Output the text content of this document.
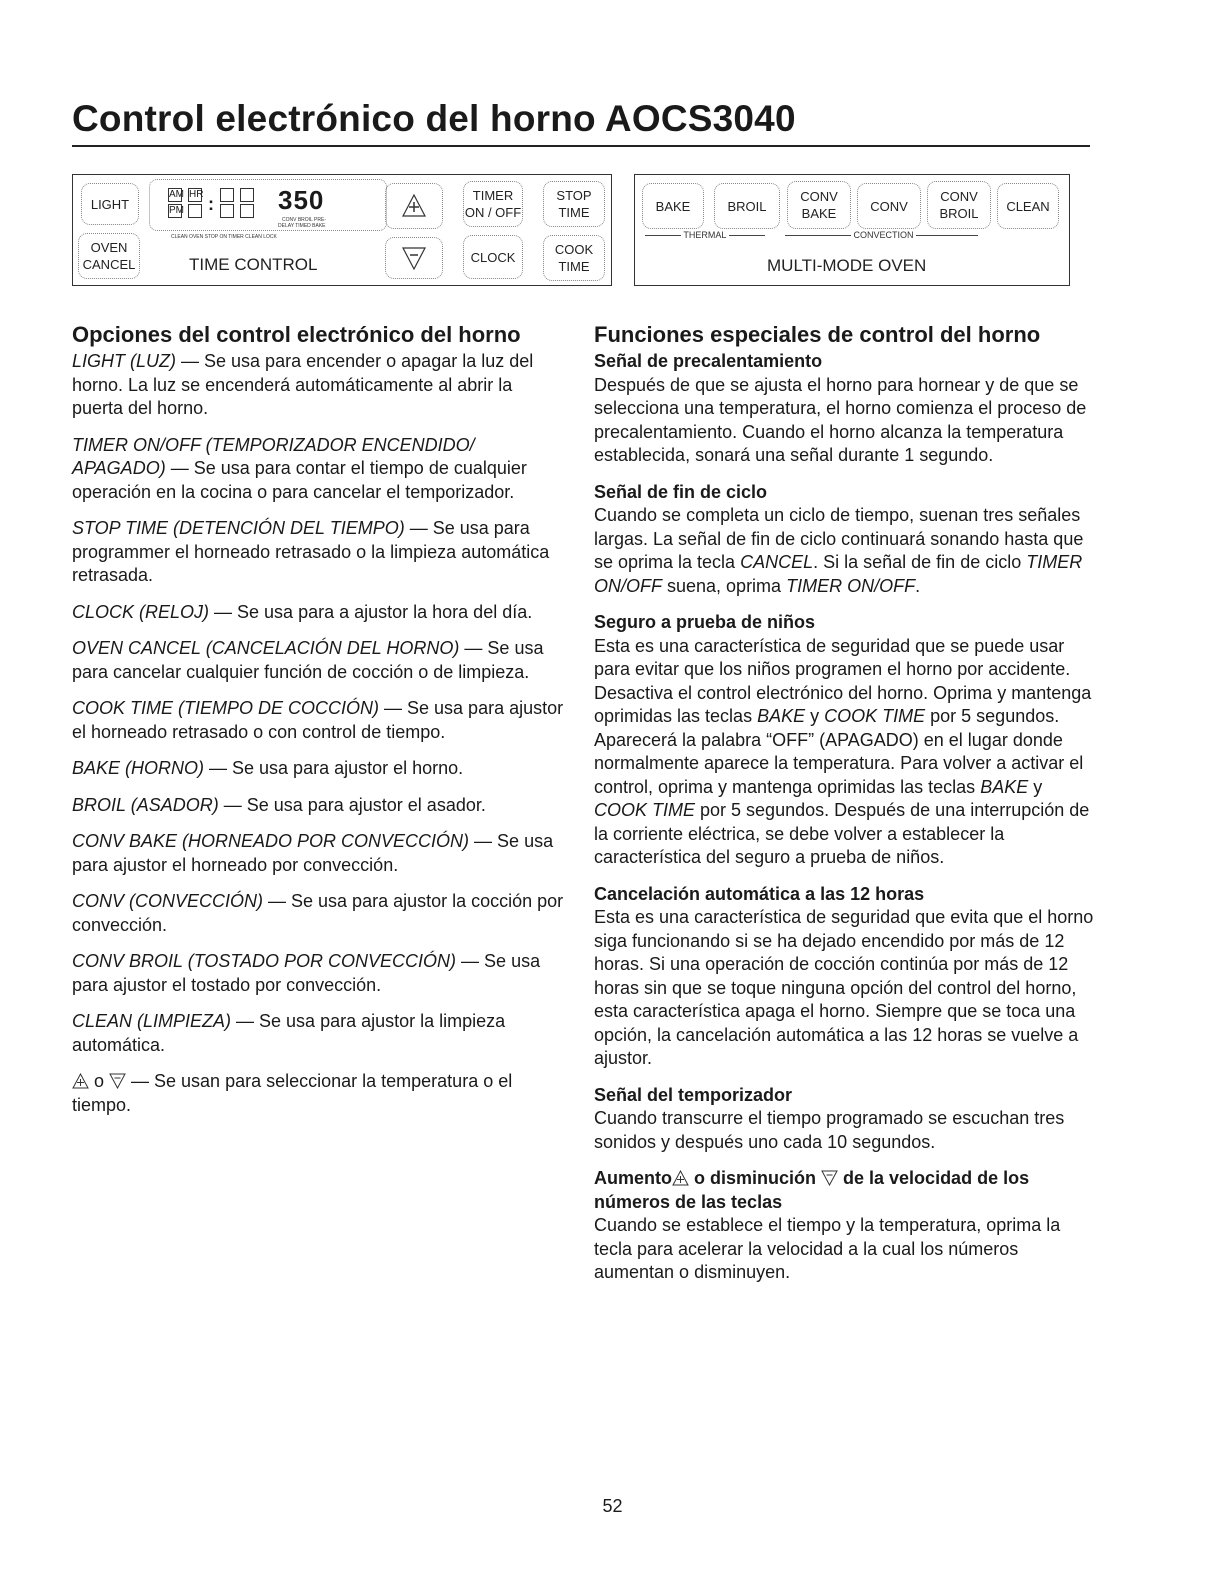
Control electrónico del horno AOCS3040
LIGHT
OVEN
CANCEL
AM
PM
HR : 350
CONV BROIL PRE-
DELAY TIMED BAKE
CLEAN OVEN STOP ON TIMER CLEAN LOCK
TIME CONTROL
TIMER
ON / OFF
CLOCK
STOP
TIME
COOK
TIME
BAKE	BROIL
CONV
BAKE	CONV
CONV
BROIL CLEAN
THERMAL	CONVECTION
MULTI-MODE OVEN
Opciones del control electrónico del horno

LIGHT (LUZ) — Se usa para encender o apagar la luz del horno. La luz se encenderá automáticamente al abrir la puerta del horno.

TIMER ON/OFF (TEMPORIZADOR ENCENDIDO/ APAGADO) — Se usa para contar el tiempo de cualquier operación en la cocina o para cancelar el temporizador.

STOP TIME (DETENCIÓN DEL TIEMPO) — Se usa para programmer el horneado retrasado o la limpieza automática retrasada.

CLOCK (RELOJ) — Se usa para a ajustor la hora del día.

OVEN CANCEL (CANCELACIÓN DEL HORNO) — Se usa para cancelar cualquier función de cocción o de limpieza.

COOK TIME (TIEMPO DE COCCIÓN) — Se usa para ajustor el horneado retrasado o con control de tiempo.

BAKE (HORNO) — Se usa para ajustor el horno.

BROIL (ASADOR) — Se usa para ajustor el asador.

CONV BAKE (HORNEADO POR CONVECCIÓN) — Se usa para ajustor el horneado por convección.

CONV (CONVECCIÓN) — Se usa para ajustor la cocción por convección.

CONV BROIL (TOSTADO POR CONVECCIÓN) — Se usa para ajustor el tostado por convección.

CLEAN (LIMPIEZA) — Se usa para ajustor la limpieza automática.

o  — Se usan para seleccionar la temperatura o el tiempo.

Funciones especiales de control del horno
Señal de precalentamiento

Después de que se ajusta el horno para hornear y de que se selecciona una temperatura, el horno comienza el proceso de precalentamiento. Cuando el horno alcanza la temperatura establecida, sonará una señal durante 1 segundo.

Señal de fin de ciclo

Cuando se completa un ciclo de tiempo, suenan tres señales largas. La señal de fin de ciclo continuará sonando hasta que se oprima la tecla CANCEL. Si la señal de fin de ciclo TIMER ON/OFF suena, oprima TIMER ON/OFF.

Seguro a prueba de niños

Esta es una característica de seguridad que se puede usar para evitar que los niños programen el horno por accidente. Desactiva el control electrónico del horno. Oprima y mantenga oprimidas las teclas BAKE y COOK TIME por 5 segundos. Aparecerá la palabra “OFF” (APAGADO) en el lugar donde normalmente aparece la temperatura. Para volver a activar el control, oprima y mantenga oprimidas las teclas BAKE y COOK TIME por 5 segundos. Después de una interrupción de la corriente eléctrica, se debe volver a establecer la característica del seguro a prueba de niños.

Cancelación automática a las 12 horas

Esta es una característica de seguridad que evita que el horno siga funcionando si se ha dejado encendido por más de 12 horas. Si una operación de cocción continúa por más de 12 horas sin que se toque ninguna opción del control del horno, esta característica apaga el horno. Siempre que se toca una opción, la cancelación automática a las 12 horas se vuelve a ajustor.

Señal del temporizador

Cuando transcurre el tiempo programado se escuchan tres sonidos y después uno cada 10 segundos.

Aumento o disminución  de la velocidad de los números de las teclas

Cuando se establece el tiempo y la temperatura, oprima la tecla para acelerar la velocidad a la cual los números aumentan o disminuyen.

52
